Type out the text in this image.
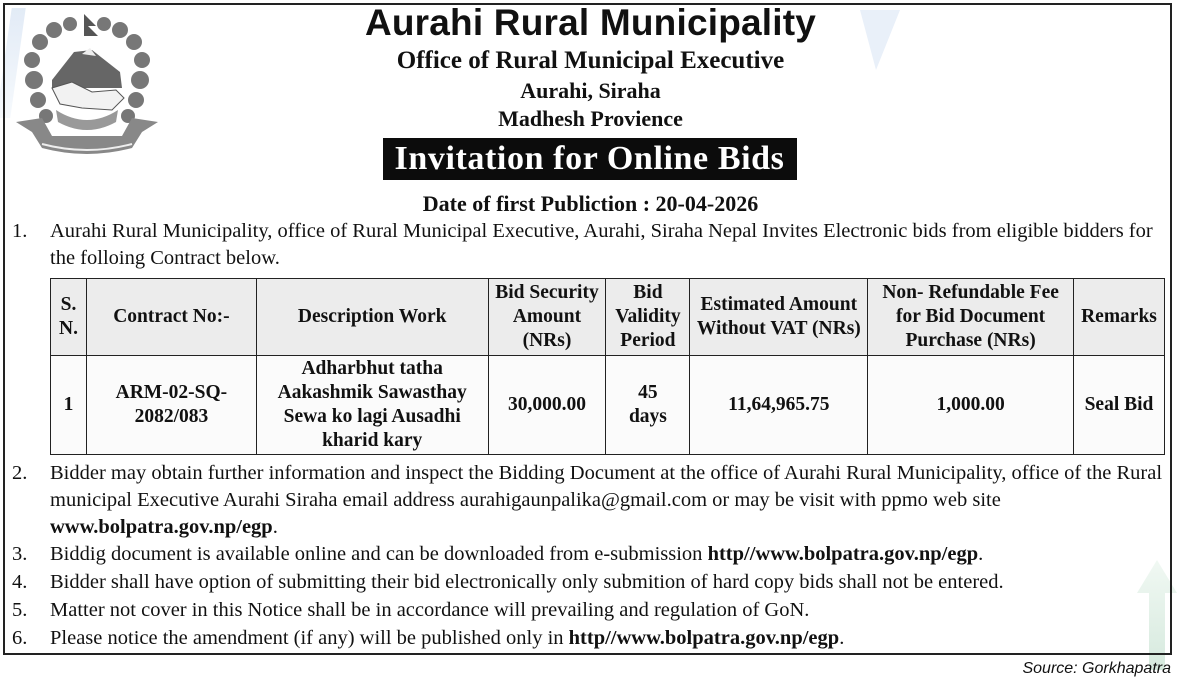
Aurahi Rural Municipality
Office of Rural Municipal Executive
Aurahi, Siraha
Madhesh Provience
Invitation for Online Bids
Date of first Publiction : 20-04-2026
1. Aurahi Rural Municipality, office of Rural Municipal Executive, Aurahi, Siraha Nepal Invites Electronic bids from eligible bidders for the folloing Contract below.
S. N.	Contract No:-	Description Work	Bid Security Amount (NRs)	Bid Validity Period	Estimated Amount Without VAT (NRs)	Non- Refundable Fee for Bid Document Purchase (NRs)	Remarks
1	ARM-02-SQ-2082/083	Adharbhut tatha Aakashmik Sawasthay Sewa ko lagi Ausadhi kharid kary	30,000.00	45 days	11,64,965.75	1,000.00	Seal Bid
2. Bidder may obtain further information and inspect the Bidding Document at the office of Aurahi Rural Municipality, office of the Rural municipal Executive Aurahi Siraha email address aurahigaunpalika@gmail.com or may be visit with ppmo web site www.bolpatra.gov.np/egp.
3. Biddig document is available online and can be downloaded from e-submission http//www.bolpatra.gov.np/egp.
4. Bidder shall have option of submitting their bid electronically only submition of hard copy bids shall not be entered.
5. Matter not cover in this Notice shall be in accordance will prevailing and regulation of GoN.
6. Please notice the amendment (if any) will be published only in http//www.bolpatra.gov.np/egp.
Source: Gorkhapatra
